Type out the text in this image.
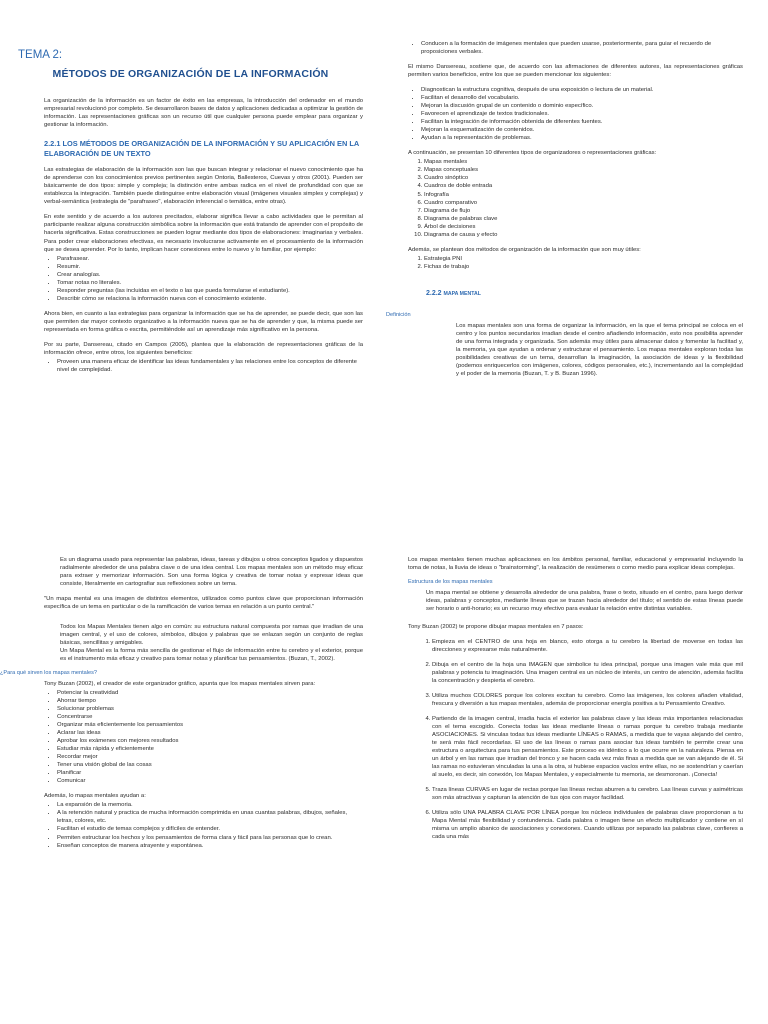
TEMA 2:
MÉTODOS DE ORGANIZACIÓN DE LA INFORMACIÓN

La organización de la información es un factor de éxito en las empresas, la introducción del ordenador en el mundo empresarial revolucionó por completo. Se desarrollaron bases de datos y aplicaciones dedicadas a optimizar la gestión de información. Las representaciones gráficas son un recurso útil que cualquier persona puede emplear para organizar y gestionar la información.

2.2.1 LOS MÉTODOS DE ORGANIZACIÓN DE LA INFORMACIÓN Y SU APLICACIÓN EN LA ELABORACIÓN DE UN TEXTO

Las estrategias de elaboración de la información son las que buscan integrar y relacionar el nuevo conocimiento que ha de aprenderse con los conocimientos previos pertinentes según Ontoria, Ballesteros, Cuevas y otros (2001). Pueden ser básicamente de dos tipos: simple y compleja; la distinción entre ambas radica en el nivel de profundidad con que se establezca la integración. También puede distinguirse entre elaboración visual (imágenes visuales simples y complejas) y verbal-semántica (estrategia de "parafraseo", elaboración inferencial o temática, entre otras).

En este sentido y de acuerdo a los autores precitados, elaborar significa llevar a cabo actividades que le permitan al participante realizar alguna construcción simbólica sobre la información que está tratando de aprender con el propósito de hacerla significativa. Estas construcciones se pueden lograr mediante dos tipos de elaboraciones: imaginarias y verbales. Para poder crear elaboraciones efectivas, es necesario involucrarse activamente en el procesamiento de la información que se desea aprender. Por lo tanto, implican hacer conexiones entre lo nuevo y lo familiar, por ejemplo:

• Parafrasear.
• Resumir.
• Crear analogías.
• Tomar notas no literales.
• Responder preguntas (las incluidas en el texto o las que pueda formularse el estudiante).
• Describir cómo se relaciona la información nueva con el conocimiento existente.

Ahora bien, en cuanto a las estrategias para organizar la información que se ha de aprender, se puede decir, que son las que permiten dar mayor contexto organizativo a la información nueva que se ha de aprender y que, la misma puede ser representada en forma gráfica o escrita, permitiéndole así un aprendizaje más significativo en la persona.

Por su parte, Dansereau, citado en Campos (2005), plantea que la elaboración de representaciones gráficas de la información ofrece, entre otros, los siguientes beneficios:

• Proveen una manera eficaz de identificar las ideas fundamentales y las relaciones entre los conceptos de diferente nivel de complejidad.
• Conducen a la formación de imágenes mentales que pueden usarse, posteriormente, para guiar el recuerdo de proposiciones verbales.

El mismo Dansereau, sostiene que, de acuerdo con las afirmaciones de diferentes autores, las representaciones gráficas permiten varios beneficios, entre los que se pueden mencionar los siguientes:

• Diagnostican la estructura cognitiva, después de una exposición o lectura de un material.
• Facilitan el desarrollo del vocabulario.
• Mejoran la discusión grupal de un contenido o dominio específico.
• Favorecen el aprendizaje de textos tradicionales.
• Facilitan la integración de información obtenida de diferentes fuentes.
• Mejoran la esquematización de contenidos.
• Ayudan a la representación de problemas.

A continuación, se presentan 10 diferentes tipos de organizadores o representaciones gráficas:

1. Mapas mentales
2. Mapas conceptuales
3. Cuadro sinóptico
4. Cuadros de doble entrada
5. Infografía
6. Cuadro comparativo
7. Diagrama de flujo
8. Diagrama de palabras clave
9. Árbol de decisiones
10. Diagrama de causa y efecto

Además, se plantean dos métodos de organización de la información que son muy útiles:

1. Estrategia PNI
2. Fichas de trabajo
2.2.2 MAPA MENTAL
Definición

Los mapas mentales son una forma de organizar la información, en la que el tema principal se coloca en el centro y los puntos secundarios irradian desde el centro añadiendo información, esto nos posibilita aprender de una forma integrada y organizada. Son además muy útiles para almacenar datos y fomentar la facilitad y, la memoria, ya que ayudan a ordenar y estructurar el pensamiento. Los mapas mentales exploran todas las posibilidades creativas de un tema, desarrollan la imaginación, la asociación de ideas y la flexibilidad (podemos enriquecerlos con imágenes, colores, códigos personales, etc.), incrementando así la complejidad y el poder de la memoria (Buzan, T. y B. Buzan 1996).

Es un diagrama usado para representar las palabras, ideas, tareas y dibujos u otros conceptos ligados y dispuestos radialmente alrededor de una palabra clave o de una idea central. Los mapas mentales son un método muy eficaz para extraer y memorizar información. Son una forma lógica y creativa de tomar notas y expresar ideas que consiste, literalmente en cartografiar sus reflexiones sobre un tema.

"Un mapa mental es una imagen de distintos elementos, utilizados como puntos clave que proporcionan información específica de un tema en particular o de la ramificación de varios temas en relación a un punto central."

Todos los Mapas Mentales tienen algo en común: su estructura natural compuesta por ramas que irradian de una imagen central, y el uso de colores, símbolos, dibujos y palabras que se enlazan según un conjunto de reglas básicas, sencillitas y amigables.

Un Mapa Mental es la forma más sencilla de gestionar el flujo de información entre tu cerebro y el exterior, porque es el instrumento más eficaz y creativo para tomar notas y planificar tus pensamientos. (Buzan, T., 2002).

¿Para qué sirven los mapas mentales?

Tony Buzan (2002), el creador de este organizador gráfico, apunta que los mapas mentales sirven para:

• Potenciar la creatividad
• Ahorrar tiempo
• Solucionar problemas
• Concentrarse
• Organizar más eficientemente los pensamientos
• Aclarar las ideas
• Aprobar los exámenes con mejores resultados
• Estudiar más rápida y eficientemente
• Recordar mejor
• Tener una visión global de las cosas
• Planificar
• Comunicar

Además, lo mapas mentales ayudan a:

• La expansión de la memoria.
• A la retención natural y practica de mucha información comprimida en unas cuantas palabras, dibujos, señales, letras, colores, etc.
• Facilitan el estudio de temas complejos y difíciles de entender.
• Permiten estructurar los hechos y los pensamientos de forma clara y fácil para las personas que lo crean.
• Enseñan conceptos de manera atrayente y espontánea.

Los mapas mentales tienen muchas aplicaciones en los ámbitos personal, familiar, educacional y empresarial incluyendo la toma de notas, la lluvia de ideas o "brainstorming", la realización de resúmenes o como medio para explicar ideas complejas.

Estructura de los mapas mentales

Un mapa mental se obtiene y desarrolla alrededor de una palabra, frase o texto, situado en el centro, para luego derivar ideas, palabras y conceptos, mediante líneas que se trazan hacia alrededor del título; el sentido de estas líneas puede ser horario o anti-horario; es un recurso muy efectivo para evaluar la relación entre distintas variables.

Tony Buzan (2002) te propone dibujar mapas mentales en 7 pasos:

1. Empieza en el CENTRO de una hoja en blanco, esto otorga a tu cerebro la libertad de moverse en todas las direcciones y expresarse más naturalmente.
2. Dibuja en el centro de la hoja una IMAGEN que simbolice tu idea principal, porque una imagen vale más que mil palabras y potencia tu imaginación. Una imagen central es un núcleo de interés, un centro de atención, además facilita la concentración y despierta el cerebro.
3. Utiliza muchos COLORES porque los colores excitan tu cerebro. Como las imágenes, los colores añaden vitalidad, frescura y diversión a tus mapas mentales, además de proporcionar energía positiva a tu Pensamiento Creativo.
4. Partiendo de la imagen central, irradia hacia el exterior las palabras clave y las ideas más importantes relacionadas con el tema escogido. Conecta todas las ideas mediante líneas o ramas porque tu cerebro trabaja mediante ASOCIACIONES. Si vinculas todas tus ideas mediante LÍNEAS o RAMAS, a medida que te vayas alejando del centro, te será más fácil recordarlas. El uso de las líneas o ramas para asociar tus ideas también te permite crear una estructura o arquitectura para tus pensamientos. Este proceso es idéntico a lo que ocurre en la naturaleza. Piensa en un árbol y en las ramas que irradian del tronco y se hacen cada vez más finas a medida que se van alejando de él. Si las ramas no estuvieran vinculadas la una a la otra, si hubiese espacios vacíos entre ellas, no se sostendrían y caerían al suelo, es decir, sin conexión, los Mapas Mentales, y especialmente tu memoria, se desmoronan. ¡Conecta!
5. Traza líneas CURVAS en lugar de rectas porque las líneas rectas aburren a tu cerebro. Las líneas curvas y asimétricas son más atractivas y capturan la atención de tus ojos con mayor facilidad.
6. Utiliza sólo UNA PALABRA CLAVE POR LÍNEA porque los núcleos individuales de palabras clave proporcionan a tu Mapa Mental más flexibilidad y contundencia. Cada palabra o imagen tiene un efecto multiplicador y contiene en sí misma un amplio abanico de asociaciones y conexiones. Cuando utilizas por separado las palabras clave, confieres a cada una más
